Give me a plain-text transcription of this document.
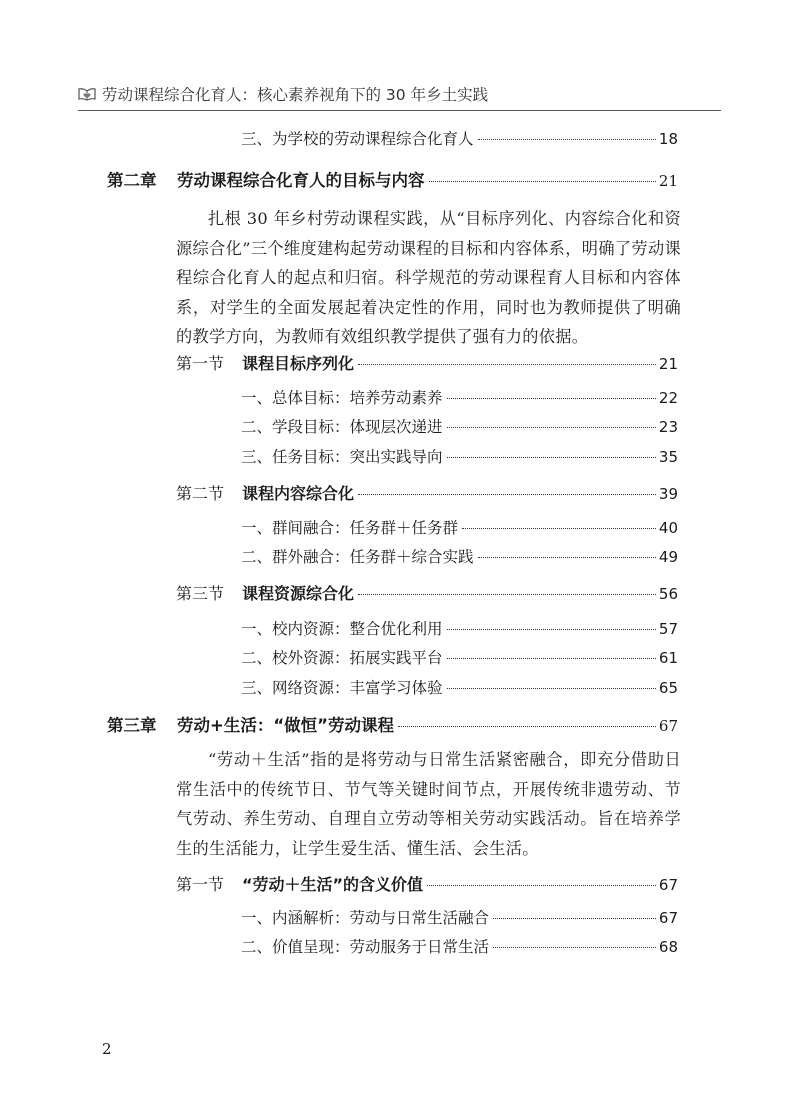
劳动课程综合化育人：核心素养视角下的 30 年乡土实践
三、为学校的劳动课程综合化育人	18
第二章 劳动课程综合化育人的目标与内容	21
扎根 30 年乡村劳动课程实践，从“目标序列化、内容综合化和资源综合化”三个维度建构起劳动课程的目标和内容体系，明确了劳动课程综合化育人的起点和归宿。科学规范的劳动课程育人目标和内容体系，对学生的全面发展起着决定性的作用，同时也为教师提供了明确的教学方向，为教师有效组织教学提供了强有力的依据。
第一节 课程目标序列化	21
一、总体目标：培养劳动素养	22
二、学段目标：体现层次递进	23
三、任务目标：突出实践导向	35
第二节 课程内容综合化	39
一、群间融合：任务群＋任务群	40
二、群外融合：任务群＋综合实践	49
第三节 课程资源综合化	56
一、校内资源：整合优化利用	57
二、校外资源：拓展实践平台	61
三、网络资源：丰富学习体验	65
第三章 劳动+生活：“做恒”劳动课程	67
“劳动＋生活”指的是将劳动与日常生活紧密融合，即充分借助日常生活中的传统节日、节气等关键时间节点，开展传统非遗劳动、节气劳动、养生劳动、自理自立劳动等相关劳动实践活动。旨在培养学生的生活能力，让学生爱生活、懂生活、会生活。
第一节 “劳动＋生活”的含义价值	67
一、内涵解析：劳动与日常生活融合	67
二、价值呈现：劳动服务于日常生活	68
2
